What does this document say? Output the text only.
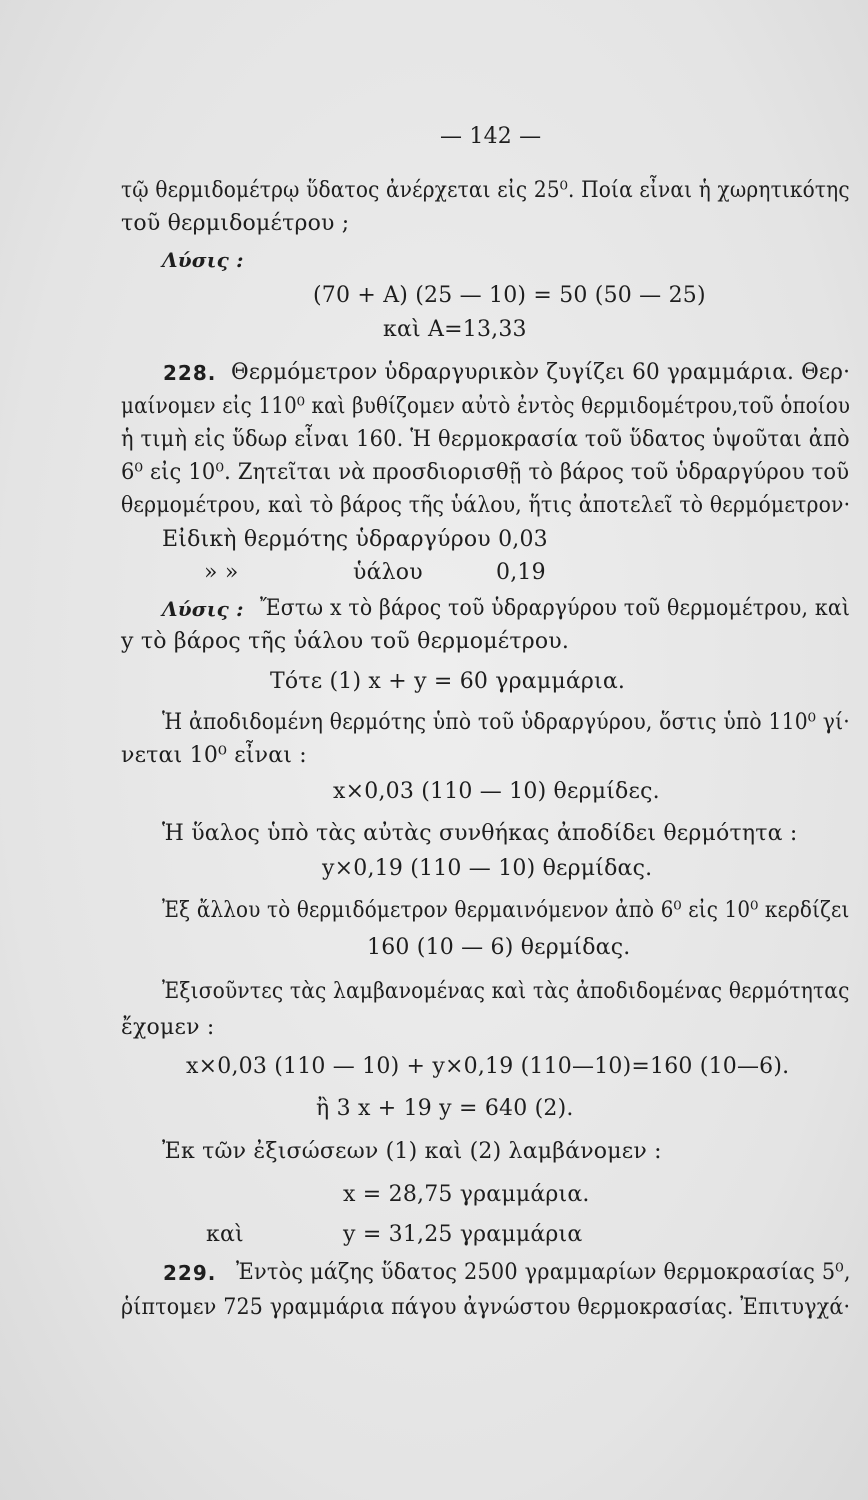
— 142 —
τῷ θερμιδομέτρῳ ὕδατος ἀνέρχεται εἰς 25⁰. Ποία εἶναι ἡ χωρητικότης
τοῦ θερμιδομέτρου ;
Λύσις :
(70 + Α) (25 — 10) = 50 (50 — 25)
καὶ Α=13,33
228. Θερμόμετρον ὑδραργυρικὸν ζυγίζει 60 γραμμάρια. Θερ·
μαίνομεν εἰς 110⁰ καὶ βυθίζομεν αὐτὸ ἐντὸς θερμιδομέτρου,τοῦ ὁποίου
ἡ τιμὴ εἰς ὕδωρ εἶναι 160. Ἡ θερμοκρασία τοῦ ὕδατος ὑψοῦται ἀπὸ
6⁰ εἰς 10⁰. Ζητεῖται νὰ προσδιορισθῇ τὸ βάρος τοῦ ὑδραργύρου τοῦ
θερμομέτρου, καὶ τὸ βάρος τῆς ὑάλου, ἥτις ἀποτελεῖ τὸ θερμόμετρον·
Εἰδικὴ θερμότης ὑδραργύρου 0,03
» »	ὑάλου	0,19
Λύσις : Ἔστω x τὸ βάρος τοῦ ὑδραργύρου τοῦ θερμομέτρου, καὶ
y τὸ βάρος τῆς ὑάλου τοῦ θερμομέτρου.
Τότε (1) x + y = 60 γραμμάρια.
Ἡ ἀποδιδομένη θερμότης ὑπὸ τοῦ ὑδραργύρου, ὅστις ὑπὸ 110⁰ γί·
νεται 10⁰ εἶναι :
x×0,03 (110 — 10) θερμίδες.
Ἡ ὕαλος ὑπὸ τὰς αὐτὰς συνθήκας ἀποδίδει θερμότητα :
y×0,19 (110 — 10) θερμίδας.
Ἐξ ἄλλου τὸ θερμιδόμετρον θερμαινόμενον ἀπὸ 6⁰ εἰς 10⁰ κερδίζει
160 (10 — 6) θερμίδας.
Ἐξισοῦντες τὰς λαμβανομένας καὶ τὰς ἀποδιδομένας θερμότητας
ἔχομεν :
x×0,03 (110 — 10) + y×0,19 (110—10)=160 (10—6).
ἢ 3 x + 19 y = 640 (2).
Ἐκ τῶν ἐξισώσεων (1) καὶ (2) λαμβάνομεν :
x = 28,75 γραμμάρια.
καὶ	y = 31,25 γραμμάρια
229. Ἐντὸς μάζης ὕδατος 2500 γραμμαρίων θερμοκρασίας 5⁰,
ῥίπτομεν 725 γραμμάρια πάγου ἀγνώστου θερμοκρασίας. Ἐπιτυγχά·
